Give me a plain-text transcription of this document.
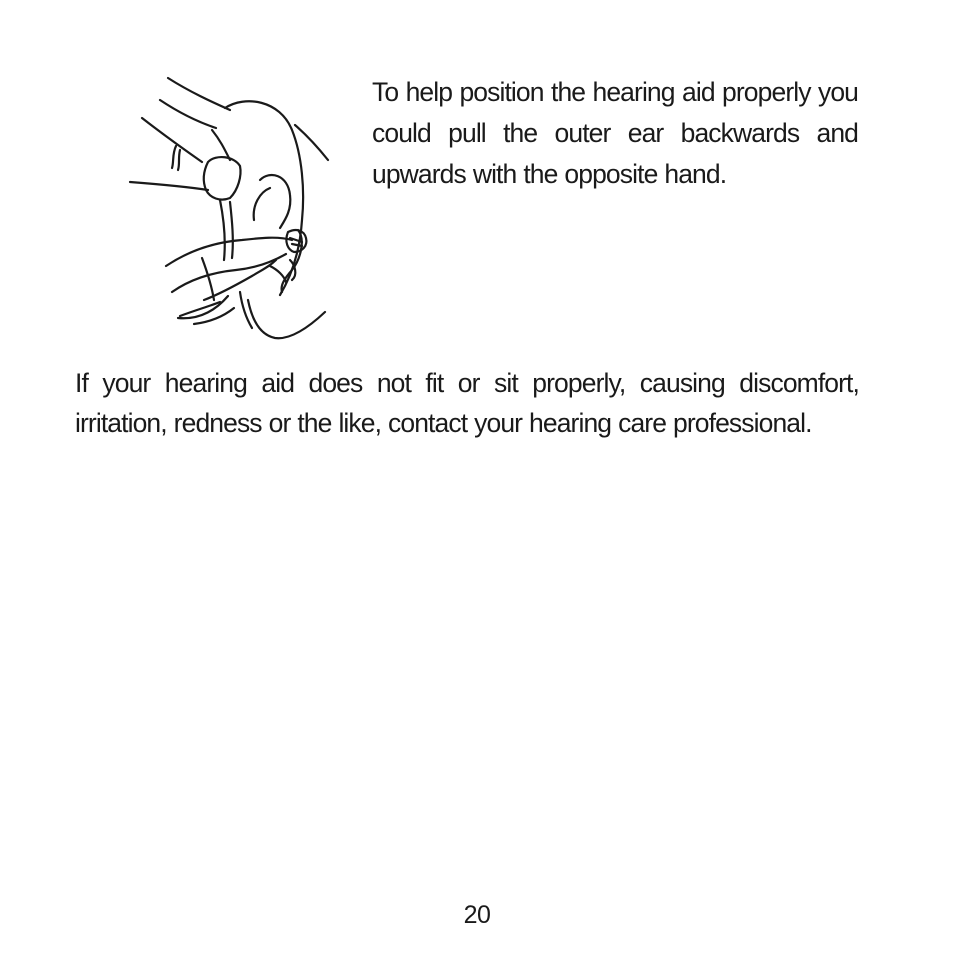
To help position the hearing aid properly you could pull the outer ear backwards and upwards with the opposite hand.

If your hearing aid does not fit or sit properly, causing discomfort, irritation, redness or the like, contact your hearing care professional.

20
